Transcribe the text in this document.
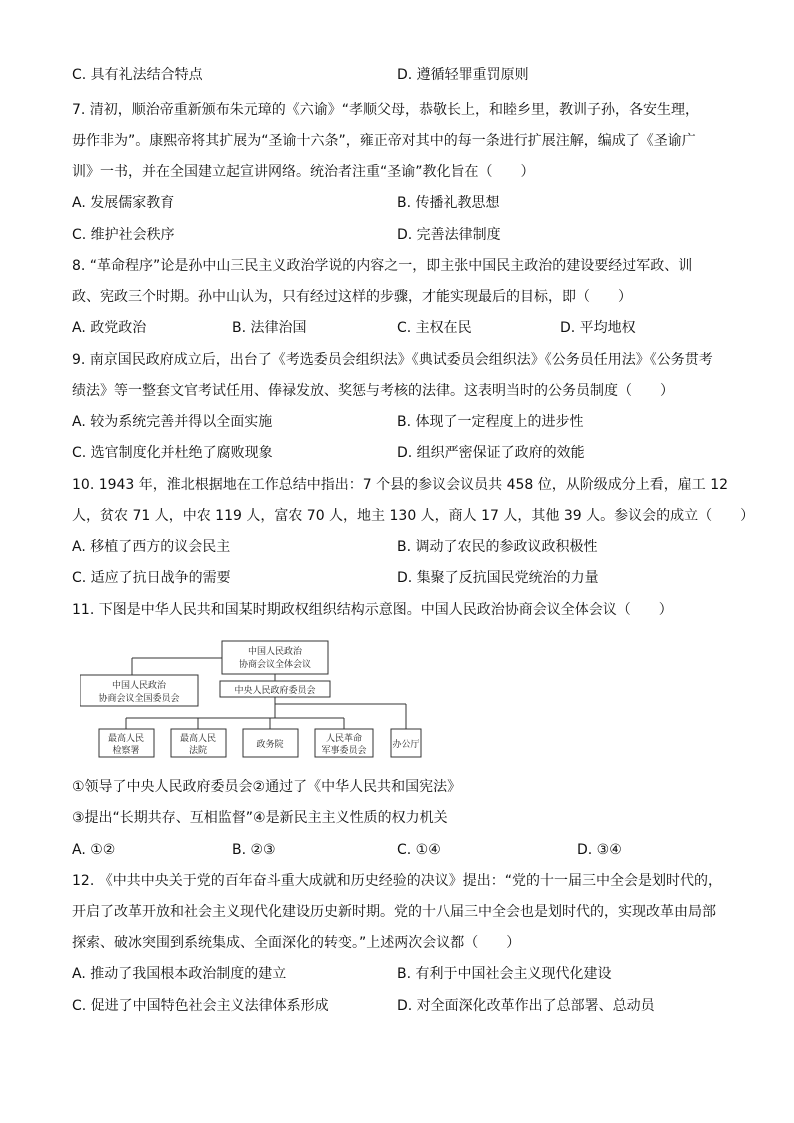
C. 具有礼法结合特点	D. 遵循轻罪重罚原则
7. 清初，顺治帝重新颁布朱元璋的《六谕》“孝顺父母，恭敬长上，和睦乡里，教训子孙，各安生理，
毋作非为”。康熙帝将其扩展为“圣谕十六条”，雍正帝对其中的每一条进行扩展注解，编成了《圣谕广
训》一书，并在全国建立起宣讲网络。统治者注重“圣谕”教化旨在（　　）
A. 发展儒家教育	B. 传播礼教思想
C. 维护社会秩序	D. 完善法律制度
8. “革命程序”论是孙中山三民主义政治学说的内容之一，即主张中国民主政治的建设要经过军政、训
政、宪政三个时期。孙中山认为，只有经过这样的步骤，才能实现最后的目标，即（　　）
A. 政党政治	B. 法律治国	C. 主权在民	D. 平均地权
9. 南京国民政府成立后，出台了《考选委员会组织法》《典试委员会组织法》《公务员任用法》《公务贯考
绩法》等一整套文官考试任用、俸禄发放、奖惩与考核的法律。这表明当时的公务员制度（　　）
A. 较为系统完善并得以全面实施	B. 体现了一定程度上的进步性
C. 选官制度化并杜绝了腐败现象	D. 组织严密保证了政府的效能
10. 1943 年，淮北根据地在工作总结中指出：7 个县的参议会议员共 458 位，从阶级成分上看，雇工 12
人，贫农 71 人，中农 119 人，富农 70 人，地主 130 人，商人 17 人，其他 39 人。参议会的成立（　　）
A. 移植了西方的议会民主	B. 调动了农民的参政议政积极性
C. 适应了抗日战争的需要	D. 集聚了反抗国民党统治的力量
11. 下图是中华人民共和国某时期政权组织结构示意图。中国人民政治协商会议全体会议（　　）
中国人民政治
协商会议全体会议
中国人民政治
协商会议全国委员会
中央人民政府委员会
最高人民
检察署
最高人民
法院
政务院
人民革命
军事委员会
办公厅
①领导了中央人民政府委员会②通过了《中华人民共和国宪法》
③提出“长期共存、互相监督”④是新民主主义性质的权力机关
A. ①②	B. ②③	C. ①④	D. ③④
12. 《中共中央关于党的百年奋斗重大成就和历史经验的决议》提出：“党的十一届三中全会是划时代的，
开启了改革开放和社会主义现代化建设历史新时期。党的十八届三中全会也是划时代的，实现改革由局部
探索、破冰突围到系统集成、全面深化的转变。”上述两次会议都（　　）
A. 推动了我国根本政治制度的建立	B. 有利于中国社会主义现代化建设
C. 促进了中国特色社会主义法律体系形成	D. 对全面深化改革作出了总部署、总动员
